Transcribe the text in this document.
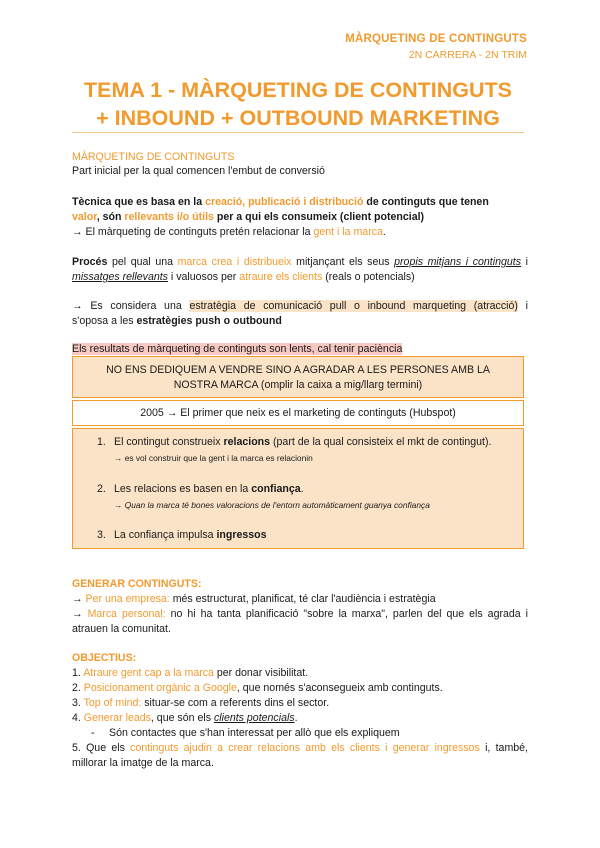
MÀRQUETING DE CONTINGUTS
2N CARRERA - 2N TRIM
TEMA 1 - MÀRQUETING DE CONTINGUTS
+ INBOUND + OUTBOUND MARKETING

MÀRQUETING DE CONTINGUTS

Part inicial per la qual comencen l'embut de conversió

Tècnica que es basa en la creació, publicació i distribució de continguts que tenen
valor, són rellevants i/o útils per a qui els consumeix (client potencial)
→ El màrqueting de continguts pretén relacionar la gent i la marca.

Procés pel qual una marca crea i distribueix mitjançant els seus propis mitjans i continguts i

missatges rellevants i valuosos per atraure els clients (reals o potencials)

→ Es considera una estratègia de comunicació pull o inbound marqueting (atracció) i

s'oposa a les estratègies push o outbound

Els resultats de màrqueting de continguts son lents, cal tenir paciència

NO ENS DEDIQUEM A VENDRE SINO A AGRADAR A LES PERSONES AMB LA
NOSTRA MARCA (omplir la caixa a mig/llarg termini)
2005 → El primer que neix es el marketing de continguts (Hubspot)
1. El contingut construeix relacions (part de la qual consisteix el mkt de contingut).
→ es vol construir que la gent i la marca es relacionin
2. Les relacions es basen en la confiança.
→ Quan la marca té bones valoracions de l'entorn automàticament guanya confiança
3. La confiança impulsa ingressos

GENERAR CONTINGUTS:

→ Per una empresa: més estructurat, planificat, té clar l'audiència i estratègia

→ Marca personal: no hi ha tanta planificació "sobre la marxa", parlen del que els agrada i

atrauen la comunitat.

OBJECTIUS:

1. Atraure gent cap a la marca per donar visibilitat.

2. Posicionament orgànic a Google, que només s'aconsegueix amb continguts.

3. Top of mind: situar-se com a referents dins el sector.

4. Generar leads, que són els clients potencials.

- Són contactes que s'han interessat per allò que els expliquem

5. Que els continguts ajudin a crear relacions amb els clients i generar ingressos i, també,

millorar la imatge de la marca.
